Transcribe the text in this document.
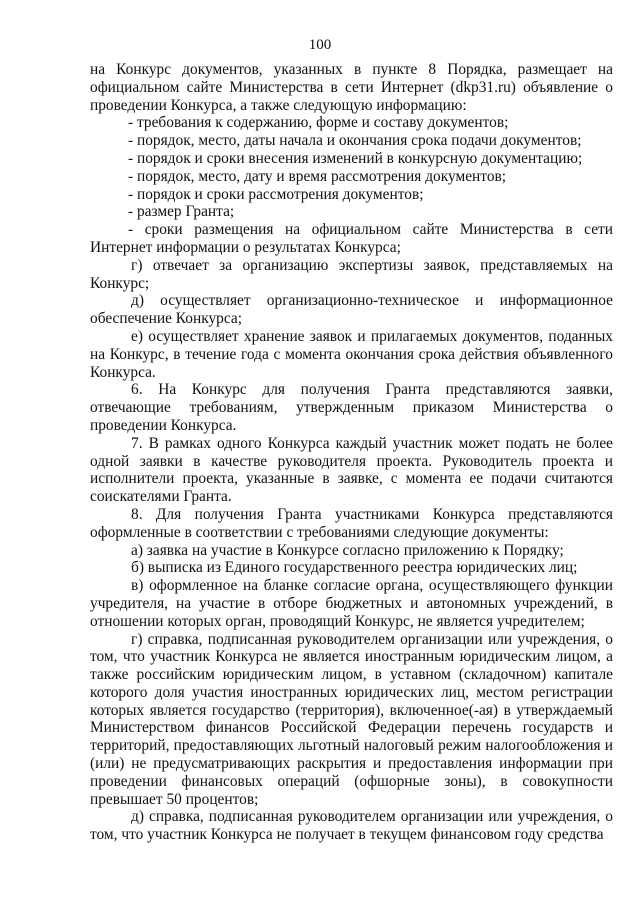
100

на Конкурс документов, указанных в пункте 8 Порядка, размещает на официальном сайте Министерства в сети Интернет (dkp31.ru) объявление о проведении Конкурса, а также следующую информацию:

- требования к содержанию, форме и составу документов;

- порядок, место, даты начала и окончания срока подачи документов;

- порядок и сроки внесения изменений в конкурсную документацию;

- порядок, место, дату и время рассмотрения документов;

- порядок и сроки рассмотрения документов;

- размер Гранта;

- сроки размещения на официальном сайте Министерства в сети Интернет информации о результатах Конкурса;

г) отвечает за организацию экспертизы заявок, представляемых на Конкурс;

д) осуществляет организационно-техническое и информационное обеспечение Конкурса;

е) осуществляет хранение заявок и прилагаемых документов, поданных на Конкурс, в течение года с момента окончания срока действия объявленного Конкурса.

6. На Конкурс для получения Гранта представляются заявки, отвечающие требованиям, утвержденным приказом Министерства о проведении Конкурса.

7. В рамках одного Конкурса каждый участник может подать не более одной заявки в качестве руководителя проекта. Руководитель проекта и исполнители проекта, указанные в заявке, с момента ее подачи считаются соискателями Гранта.

8. Для получения Гранта участниками Конкурса представляются оформленные в соответствии с требованиями следующие документы:

а) заявка на участие в Конкурсе согласно приложению к Порядку;

б) выписка из Единого государственного реестра юридических лиц;

в) оформленное на бланке согласие органа, осуществляющего функции учредителя, на участие в отборе бюджетных и автономных учреждений, в отношении которых орган, проводящий Конкурс, не является учредителем;

г) справка, подписанная руководителем организации или учреждения, о том, что участник Конкурса не является иностранным юридическим лицом, а также российским юридическим лицом, в уставном (складочном) капитале которого доля участия иностранных юридических лиц, местом регистрации которых является государство (территория), включенное(-ая) в утверждаемый Министерством финансов Российской Федерации перечень государств и территорий, предоставляющих льготный налоговый режим налогообложения и (или) не предусматривающих раскрытия и предоставления информации при проведении финансовых операций (офшорные зоны), в совокупности превышает 50 процентов;

д) справка, подписанная руководителем организации или учреждения, о том, что участник Конкурса не получает в текущем финансовом году средства
